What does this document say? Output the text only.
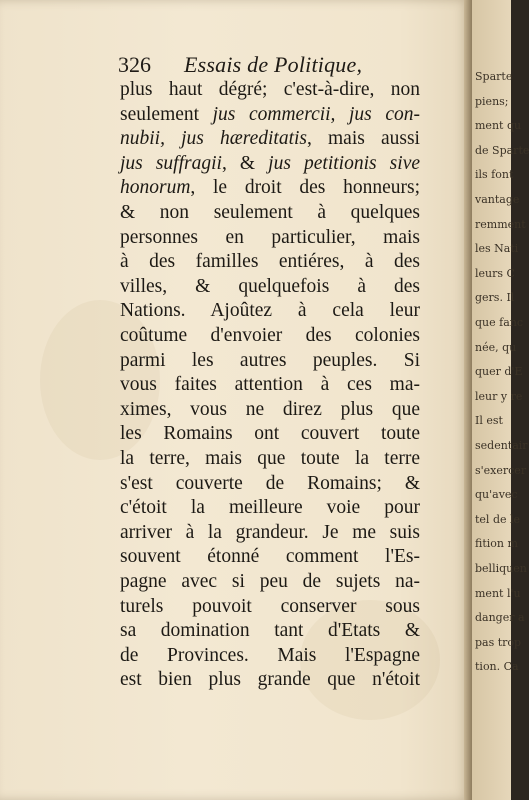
326 Essais de Politique,
plus haut dégré; c'est-à-dire, non
seulement jus commercii, jus con-
nubii, jus hæreditatis, mais aussi
jus suffragii, & jus petitionis sive
honorum, le droit des honneurs;
& non seulement à quelques
personnes en particulier, mais
à des familles entiéres, à des
villes, & quelquefois à des
Nations. Ajoûtez à cela leur
coûtume d'envoier des colonies
parmi les autres peuples. Si
vous faites attention à ces ma-
ximes, vous ne direz plus que
les Romains ont couvert toute
la terre, mais que toute la terre
s'est couverte de Romains; &
c'étoit la meilleure voie pour
arriver à la grandeur. Je me suis
souvent étonné comment l'Es-
pagne avec si peu de sujets na-
turels pouvoit conserver sous
sa domination tant d'Etats &
de Provinces. Mais l'Espagne
est bien plus grande que n'étoit
Sparte
piens;
ment qu
de Sparte
ils font
vantage
remment
les Nati
leurs C
gers. Il
que fanc
née, qu
quer d'E
leur y re
Il est
sedentair
s'exercer
qu'avec
tel de le
fition m
belliquen
ment l'u
danger a
pas trop
tion. Ca
